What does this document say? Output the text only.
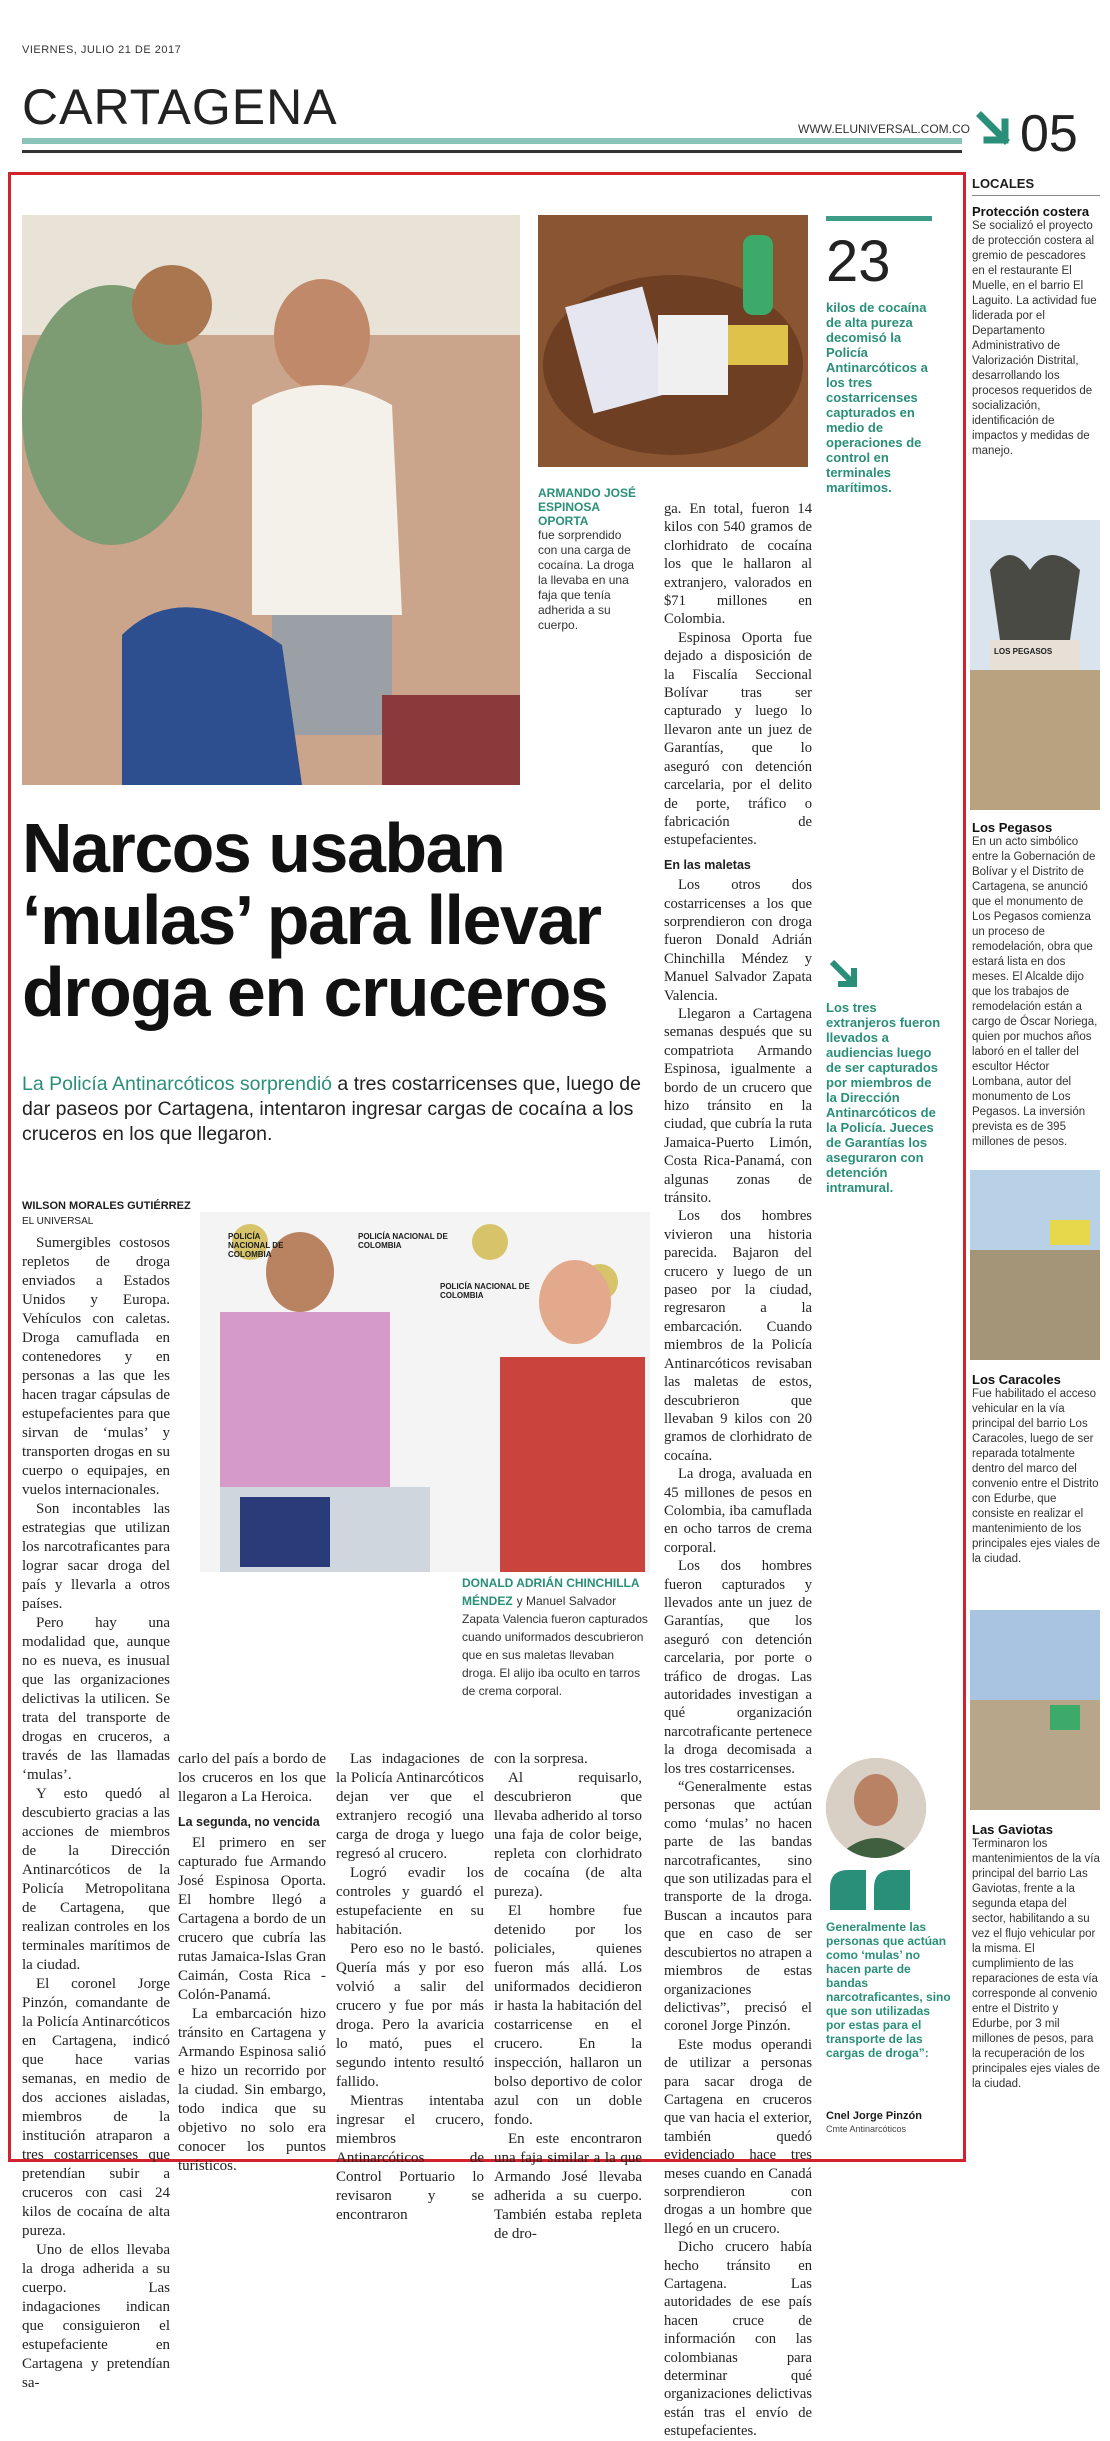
VIERNES, JULIO 21 DE 2017
CARTAGENA	WWW.ELUNIVERSAL.COM.CO 05
ARMANDO JOSÉ ESPINOSA OPORTA
fue sorprendido con una carga de cocaína. La droga la llevaba en una faja que tenía adherida a su cuerpo.
23
kilos de cocaína de alta pureza decomisó la Policía Antinarcóticos a los tres costarricenses capturados en medio de operaciones de control en terminales marítimos.
Narcos usaban ‘mulas’ para llevar droga en cruceros
La Policía Antinarcóticos sorprendió a tres costarricenses que, luego de dar paseos por Cartagena, intentaron ingresar cargas de cocaína a los cruceros en los que llegaron.
WILSON MORALES GUTIÉRREZ
EL UNIVERSAL

Sumergibles costosos repletos de droga enviados a Estados Unidos y Europa. Vehículos con caletas. Droga camuflada en contenedores y en personas a las que les hacen tragar cápsulas de estupefacientes para que sirvan de ‘mulas’ y transporten drogas en su cuerpo o equipajes, en vuelos internacionales.

Son incontables las estrategias que utilizan los narcotraficantes para lograr sacar droga del país y llevarla a otros países.

Pero hay una modalidad que, aunque no es nueva, es inusual que las organizaciones delictivas la utilicen. Se trata del transporte de drogas en cruceros, a través de las llamadas ‘mulas’.

Y esto quedó al descubierto gracias a las acciones de miembros de la Dirección Antinarcóticos de la Policía Metropolitana de Cartagena, que realizan controles en los terminales marítimos de la ciudad.

El coronel Jorge Pinzón, comandante de la Policía Antinarcóticos en Cartagena, indicó que hace varias semanas, en medio de dos acciones aisladas, miembros de la institución atraparon a tres costarricenses que pretendían subir a cruceros con casi 24 kilos de cocaína de alta pureza.

Uno de ellos llevaba la droga adherida a su cuerpo. Las indagaciones indican que consiguieron el estupefaciente en Cartagena y pretendían sa-

POLICÍA NACIONAL DE COLOMBIA
POLICÍA NACIONAL DE COLOMBIA
POLICÍA NACIONAL DE COLOMBIA
DONALD ADRIÁN CHINCHILLA MÉNDEZ y Manuel Salvador Zapata Valencia fueron capturados cuando uniformados descubrieron que en sus maletas llevaban droga. El alijo iba oculto en tarros de crema corporal.

carlo del país a bordo de los cruceros en los que llegaron a La Heroica.

La segunda, no vencida

El primero en ser capturado fue Armando José Espinosa Oporta. El hombre llegó a Cartagena a bordo de un crucero que cubría las rutas Jamaica-Islas Gran Caimán, Costa Rica - Colón-Panamá.

La embarcación hizo tránsito en Cartagena y Armando Espinosa salió e hizo un recorrido por la ciudad. Sin embargo, todo indica que su objetivo no solo era conocer los puntos turísticos.

Las indagaciones de la Policía Antinarcóticos dejan ver que el extranjero recogió una carga de droga y luego regresó al crucero.

Logró evadir los controles y guardó el estupefaciente en su habitación.

Pero eso no le bastó. Quería más y por eso volvió a salir del crucero y fue por más droga. Pero la avaricia lo mató, pues el segundo intento resultó fallido.

Mientras intentaba ingresar el crucero, miembros Antinarcóticos de Control Portuario lo revisaron y se encontraron

con la sorpresa.

Al requisarlo, descubrieron que llevaba adherido al torso una faja de color beige, repleta con clorhidrato de cocaína (de alta pureza).

El hombre fue detenido por los policiales, quienes fueron más allá. Los uniformados decidieron ir hasta la habitación del costarricense en el crucero. En la inspección, hallaron un bolso deportivo de color azul con un doble fondo.

En este encontraron una faja similar a la que Armando José llevaba adherida a su cuerpo. También estaba repleta de dro-

ga. En total, fueron 14 kilos con 540 gramos de clorhidrato de cocaína los que le hallaron al extranjero, valorados en $71 millones en Colombia.

Espinosa Oporta fue dejado a disposición de la Fiscalía Seccional Bolívar tras ser capturado y luego lo llevaron ante un juez de Garantías, que lo aseguró con detención carcelaria, por el delito de porte, tráfico o fabricación de estupefacientes.

En las maletas

Los otros dos costarricenses a los que sorprendieron con droga fueron Donald Adrián Chinchilla Méndez y Manuel Salvador Zapata Valencia.

Llegaron a Cartagena semanas después que su compatriota Armando Espinosa, igualmente a bordo de un crucero que hizo tránsito en la ciudad, que cubría la ruta Jamaica-Puerto Limón, Costa Rica-Panamá, con algunas zonas de tránsito.

Los dos hombres vivieron una historia parecida. Bajaron del crucero y luego de un paseo por la ciudad, regresaron a la embarcación. Cuando miembros de la Policía Antinarcóticos revisaban las maletas de estos, descubrieron que llevaban 9 kilos con 20 gramos de clorhidrato de cocaína.

La droga, avaluada en 45 millones de pesos en Colombia, iba camuflada en ocho tarros de crema corporal.

Los dos hombres fueron capturados y llevados ante un juez de Garantías, que los aseguró con detención carcelaria, por porte o tráfico de drogas. Las autoridades investigan a qué organización narcotraficante pertenece la droga decomisada a los tres costarricenses.

“Generalmente estas personas que actúan como ‘mulas’ no hacen parte de las bandas narcotraficantes, sino que son utilizadas para el transporte de la droga. Buscan a incautos para que en caso de ser descubiertos no atrapen a miembros de estas organizaciones delictivas”, precisó el coronel Jorge Pinzón.

Este modus operandi de utilizar a personas para sacar droga de Cartagena en cruceros que van hacia el exterior, también quedó evidenciado hace tres meses cuando en Canadá sorprendieron con drogas a un hombre que llegó en un crucero.

Dicho crucero había hecho tránsito en Cartagena. Las autoridades de ese país hacen cruce de información con las colombianas para determinar qué organizaciones delictivas están tras el envío de estupefacientes.

Los tres extranjeros fueron llevados a audiencias luego de ser capturados por miembros de la Dirección Antinarcóticos de la Policía. Jueces de Garantías los aseguraron con detención intramural.
Generalmente las personas que actúan como ‘mulas’ no hacen parte de bandas narcotraficantes, sino que son utilizadas por estas para el transporte de las cargas de droga”:
Cnel Jorge Pinzón
Cmte Antinarcóticos
LOCALES
Protección costera
Se socializó el proyecto de protección costera al gremio de pescadores en el restaurante El Muelle, en el barrio El Laguito. La actividad fue liderada por el Departamento Administrativo de Valorización Distrital, desarrollando los procesos requeridos de socialización, identificación de impactos y medidas de manejo.
LOS PEGASOS
Los Pegasos
En un acto simbólico entre la Gobernación de Bolívar y el Distrito de Cartagena, se anunció que el monumento de Los Pegasos comienza un proceso de remodelación, obra que estará lista en dos meses. El Alcalde dijo que los trabajos de remodelación están a cargo de Óscar Noriega, quien por muchos años laboró en el taller del escultor Héctor Lombana, autor del monumento de Los Pegasos. La inversión prevista es de 395 millones de pesos.
Los Caracoles
Fue habilitado el acceso vehicular en la vía principal del barrio Los Caracoles, luego de ser reparada totalmente dentro del marco del convenio entre el Distrito con Edurbe, que consiste en realizar el mantenimiento de los principales ejes viales de la ciudad.
Las Gaviotas
Terminaron los mantenimientos de la vía principal del barrio Las Gaviotas, frente a la segunda etapa del sector, habilitando a su vez el flujo vehicular por la misma. El cumplimiento de las reparaciones de esta vía corresponde al convenio entre el Distrito y Edurbe, por 3 mil millones de pesos, para la recuperación de los principales ejes viales de la ciudad.
